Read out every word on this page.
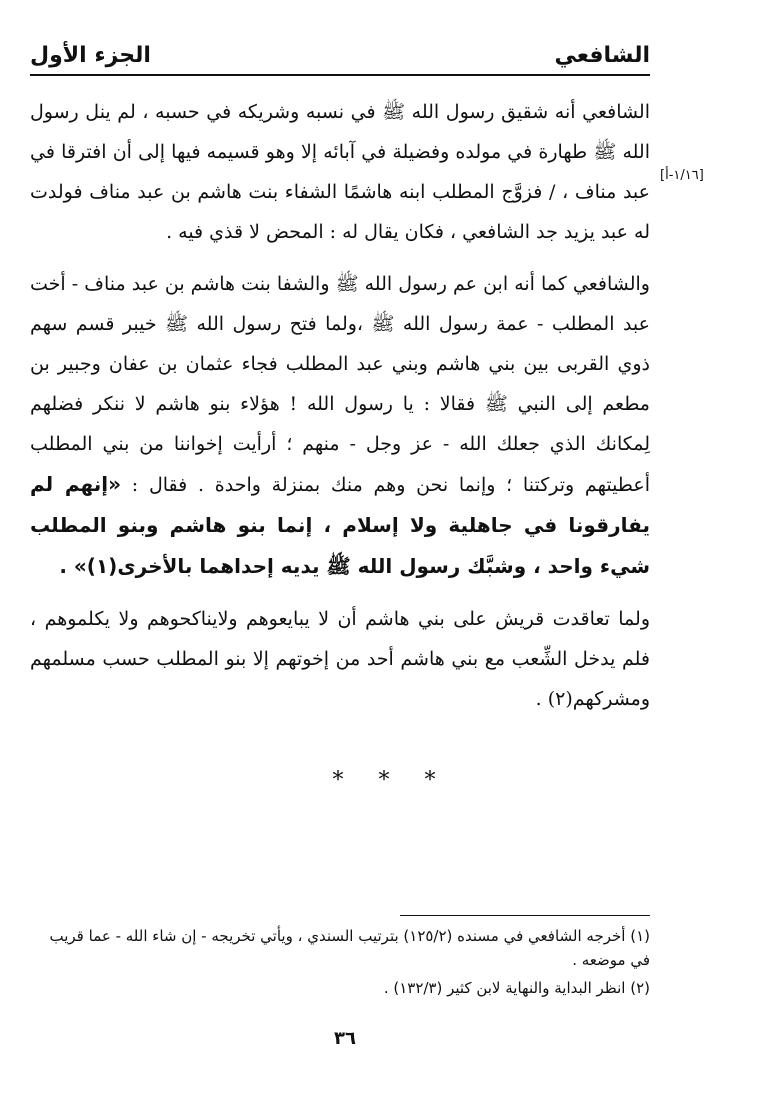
الشافعي
الجزء الأول
[١/١٦-أ]

الشافعي أنه شقيق رسول الله ﷺ في نسبه وشريكه في حسبه ، لم ينل رسول الله ﷺ طهارة في مولده وفضيلة في آبائه إلا وهو قسيمه فيها إلى أن افترقا في عبد مناف ، / فزوَّج المطلب ابنه هاشمًا الشفاء بنت هاشم بن عبد مناف فولدت له عبد يزيد جد الشافعي ، فكان يقال له : المحض لا قذي فيه .

والشافعي كما أنه ابن عم رسول الله ﷺ والشفا بنت هاشم بن عبد مناف - أخت عبد المطلب - عمة رسول الله ﷺ ،ولما فتح رسول الله ﷺ خيبر قسم سهم ذوي القربى بين بني هاشم وبني عبد المطلب فجاء عثمان بن عفان وجبير بن مطعم إلى النبي ﷺ فقالا : يا رسول الله ! هؤلاء بنو هاشم لا ننكر فضلهم لِمكانك الذي جعلك الله - عز وجل - منهم ؛ أرأيت إخواننا من بني المطلب أعطيتهم وتركتنا ؛ وإنما نحن وهم منك بمنزلة واحدة . فقال : «إنهم لم يفارقونا في جاهلية ولا إسلام ، إنما بنو هاشم وبنو المطلب شيء واحد ، وشبَّك رسول الله ﷺ يديه إحداهما بالأخرى(١)» .

ولما تعاقدت قريش على بني هاشم أن لا يبايعوهم ولايناكحوهم ولا يكلموهم ، فلم يدخل الشِّعب مع بني هاشم أحد من إخوتهم إلا بنو المطلب حسب مسلمهم ومشركهم(٢) .

* * *
(١) أخرجه الشافعي في مسنده (١٢٥/٢) بترتيب السندي ، ويأتي تخريجه - إن شاء الله - عما قريب في موضعه .
(٢) انظر البداية والنهاية لابن كثير (١٣٢/٣) .
٣٦
